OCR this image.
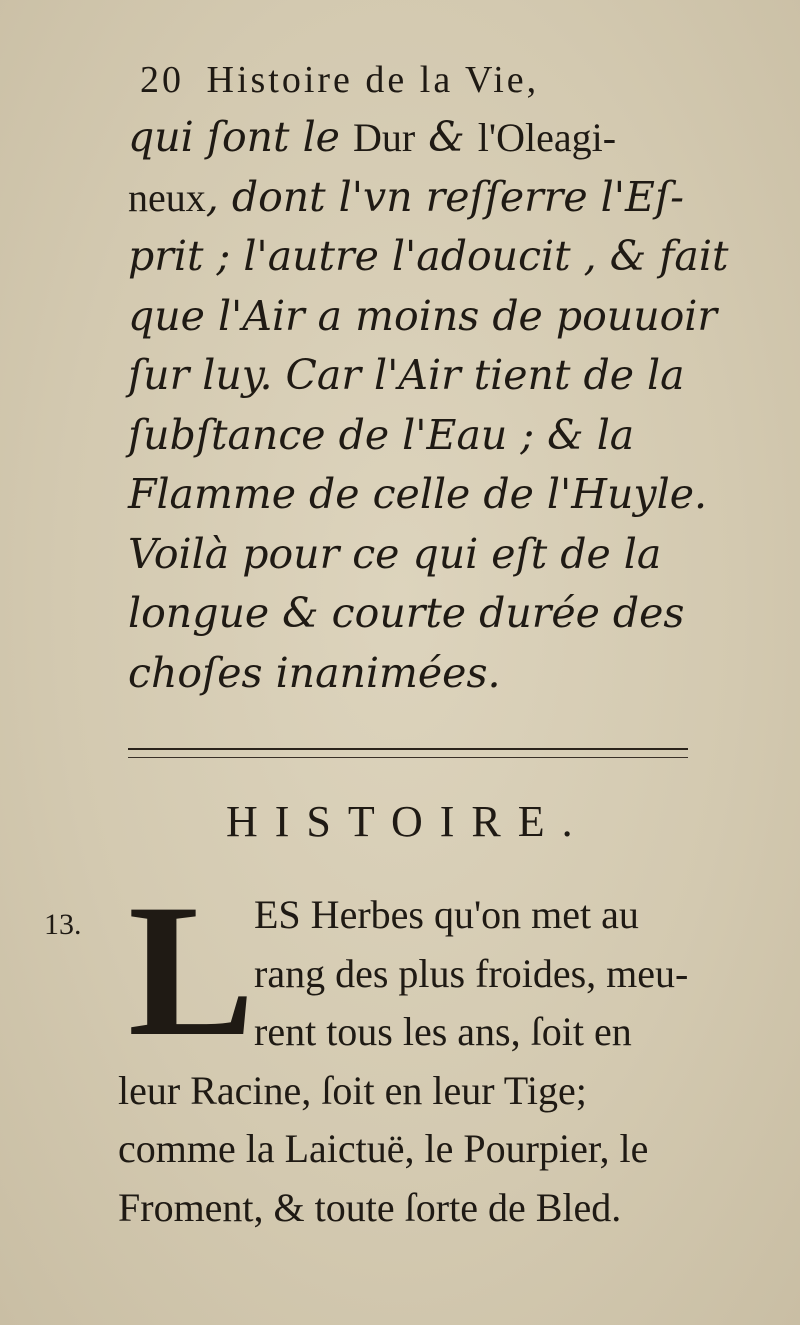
20 Histoire de la Vie,
qui ſont le Dur & l'Oleagi-
neux, dont l'vn reſſerre l'Eſ-
prit ; l'autre l'adoucit , & fait
que l'Air a moins de pouuoir
ſur luy. Car l'Air tient de la
ſubſtance de l'Eau ; & la
Flamme de celle de l'Huyle.
Voilà pour ce qui eſt de la
longue & courte durée des
choſes inanimées.
HISTOIRE.
13. L ES Herbes qu'on met au
rang des plus froides, meu-
rent tous les ans, ſoit en
leur Racine, ſoit en leur Tige;
comme la Laictuë, le Pourpier, le
Froment, & toute ſorte de Bled.
